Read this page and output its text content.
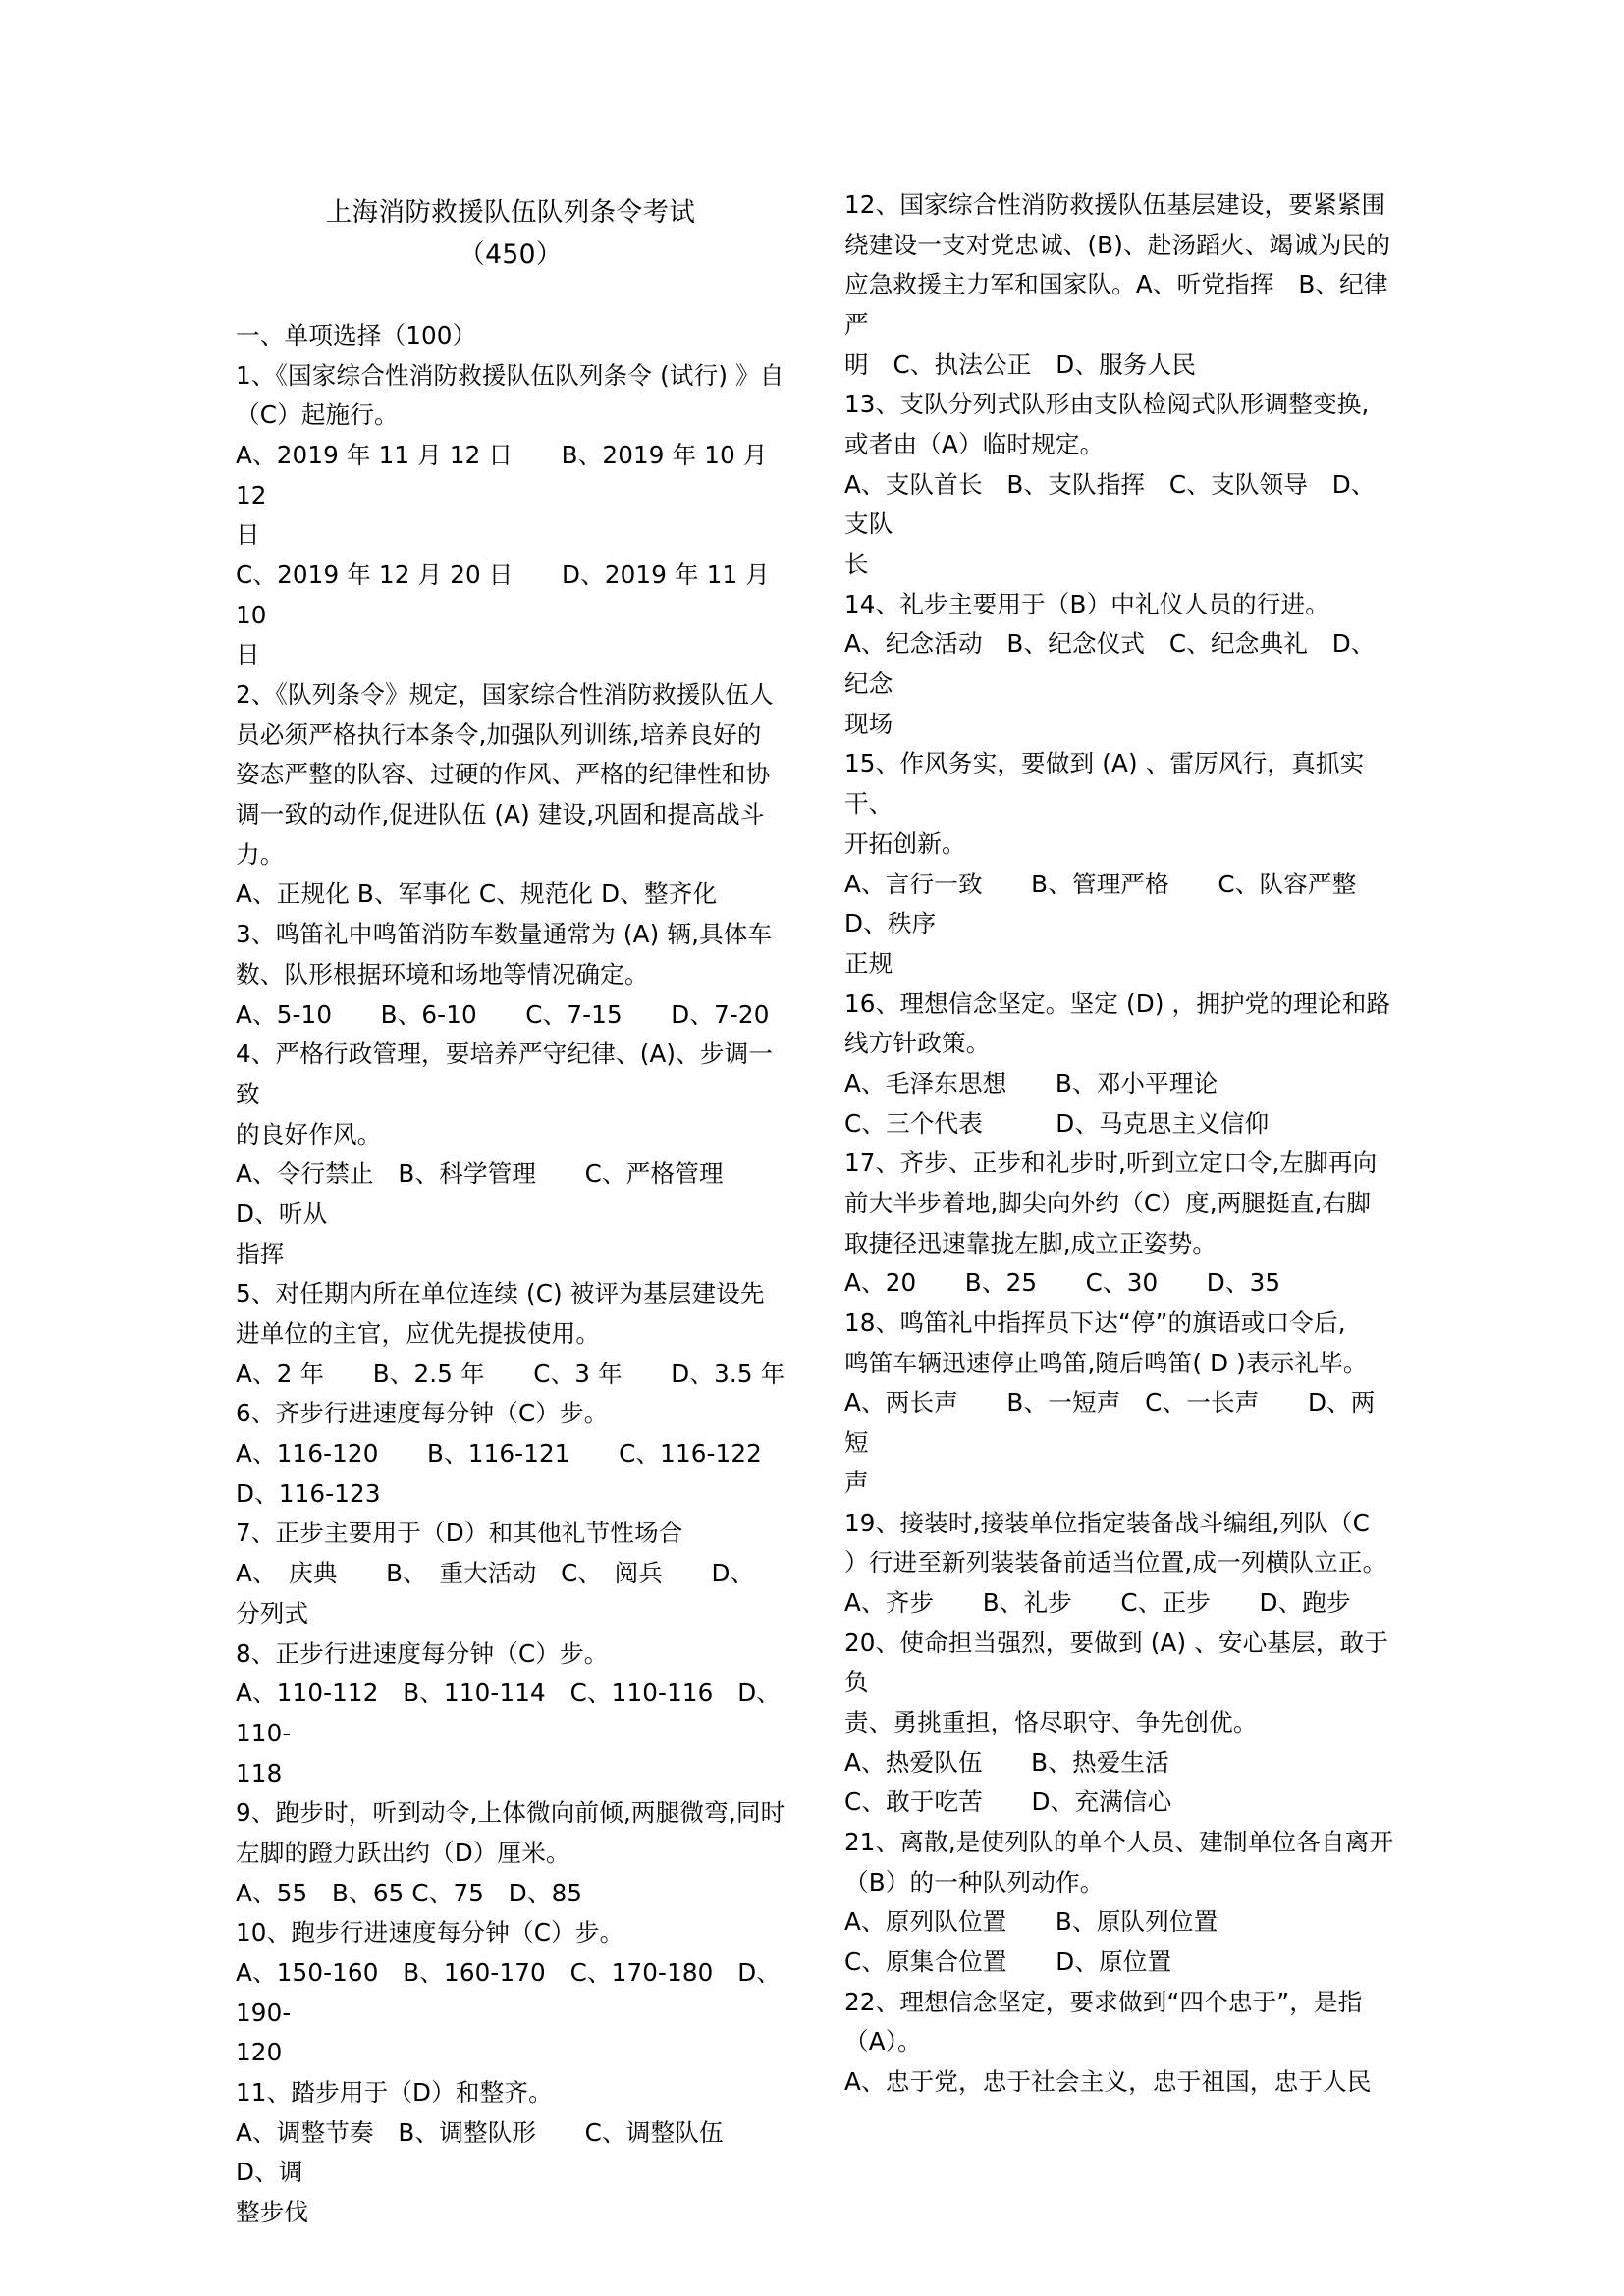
上海消防救援队伍队列条令考试
（450）
一、单项选择（100）
1、《国家综合性消防救援队伍队列条令 (试行) 》自
（C）起施行。
A、2019 年 11 月 12 日　　B、2019 年 10 月 12
日
C、2019 年 12 月 20 日　　D、2019 年 11 月 10
日
2、《队列条令》规定，国家综合性消防救援队伍人
员必须严格执行本条令,加强队列训练,培养良好的
姿态严整的队容、过硬的作风、严格的纪律性和协
调一致的动作,促进队伍 (A) 建设,巩固和提高战斗
力。
A、正规化 B、军事化 C、规范化 D、整齐化
3、鸣笛礼中鸣笛消防车数量通常为 (A) 辆,具体车
数、队形根据环境和场地等情况确定。
A、5-10　　B、6-10　　C、7-15　　D、7-20
4、严格行政管理，要培养严守纪律、(A)、步调一致
的良好作风。
A、令行禁止　B、科学管理　　C、严格管理　　D、听从
指挥
5、对任期内所在单位连续 (C) 被评为基层建设先
进单位的主官，应优先提拔使用。
A、2 年　　B、2.5 年　　C、3 年　　D、3.5 年
6、齐步行进速度每分钟（C）步。
A、116-120　　B、116-121　　C、116-122
D、116-123
7、正步主要用于（D）和其他礼节性场合
A、　庆典　　B、　重大活动　C、　阅兵　　D、　分列式
8、正步行进速度每分钟（C）步。
A、110-112　B、110-114　C、110-116　D、110-
118
9、跑步时，听到动令,上体微向前倾,两腿微弯,同时
左脚的蹬力跃出约（D）厘米。
A、55　B、65 C、75　D、85
10、跑步行进速度每分钟（C）步。
A、150-160　B、160-170　C、170-180　D、190-
120
11、踏步用于（D）和整齐。
A、调整节奏　B、调整队形　　C、调整队伍　　D、调
整步伐
12、国家综合性消防救援队伍基层建设，要紧紧围
绕建设一支对党忠诚、(B)、赴汤蹈火、竭诚为民的
应急救援主力军和国家队。A、听党指挥　B、纪律严
明　C、执法公正　D、服务人民
13、支队分列式队形由支队检阅式队形调整变换,
或者由（A）临时规定。
A、支队首长　B、支队指挥　C、支队领导　D、支队
长
14、礼步主要用于（B）中礼仪人员的行进。
A、纪念活动　B、纪念仪式　C、纪念典礼　D、纪念
现场
15、作风务实，要做到 (A) 、雷厉风行，真抓实干、
开拓创新。
A、言行一致　　B、管理严格　　C、队容严整 D、秩序
正规
16、理想信念坚定。坚定 (D) ，拥护党的理论和路
线方针政策。
A、毛泽东思想　　B、邓小平理论
C、三个代表　　　D、马克思主义信仰
17、齐步、正步和礼步时,听到立定口令,左脚再向
前大半步着地,脚尖向外约（C）度,两腿挺直,右脚
取捷径迅速靠拢左脚,成立正姿势。
A、20　　B、25　　C、30　　D、35
18、鸣笛礼中指挥员下达“停”的旗语或口令后,
鸣笛车辆迅速停止鸣笛,随后鸣笛( D )表示礼毕。
A、两长声　　B、一短声　C、一长声　　D、两短
声
19、接装时,接装单位指定装备战斗编组,列队（C
）行进至新列装装备前适当位置,成一列横队立正。
A、齐步　　B、礼步　　C、正步　　D、跑步
20、使命担当强烈，要做到 (A) 、安心基层，敢于负
责、勇挑重担，恪尽职守、争先创优。
A、热爱队伍　　B、热爱生活
C、敢于吃苦　　D、充满信心
21、离散,是使列队的单个人员、建制单位各自离开
（B）的一种队列动作。
A、原列队位置　　B、原队列位置
C、原集合位置　　D、原位置
22、理想信念坚定，要求做到“四个忠于”，是指
（A）。
A、忠于党，忠于社会主义，忠于祖国，忠于人民
